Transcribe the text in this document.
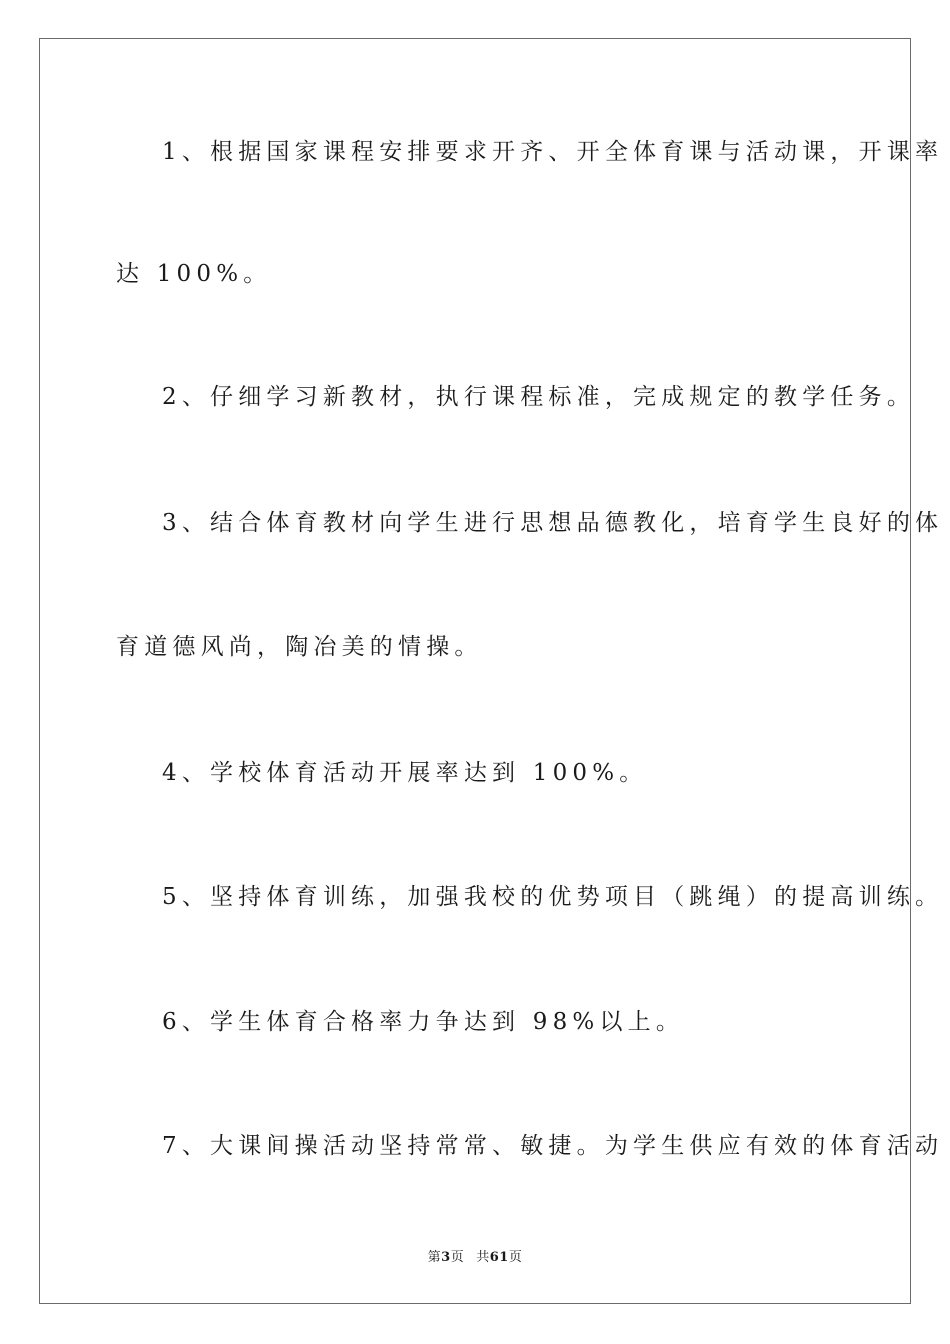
1、根据国家课程安排要求开齐、开全体育课与活动课，开课率
达 100%。
2、仔细学习新教材，执行课程标准，完成规定的教学任务。
3、结合体育教材向学生进行思想品德教化，培育学生良好的体
育道德风尚，陶冶美的情操。
4、学校体育活动开展率达到 100%。
5、坚持体育训练，加强我校的优势项目（跳绳）的提高训练。
6、学生体育合格率力争达到 98%以上。
7、大课间操活动坚持常常、敏捷。为学生供应有效的体育活动
第3页 共61页
